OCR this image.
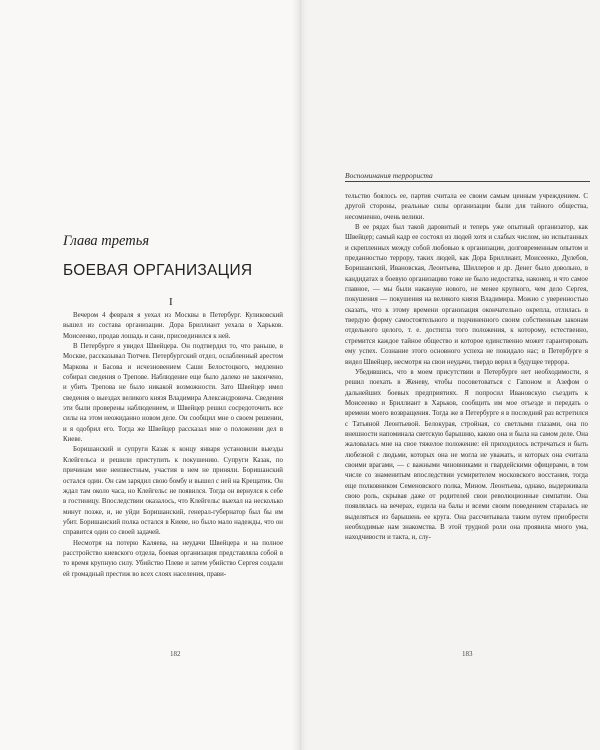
Воспоминания террориста
Глава третья
БОЕВАЯ ОРГАНИЗАЦИЯ
I

Вечером 4 февраля я уехал из Москвы в Петербург. Куликовский вышел из состава организации. Дора Бриллиант уехала в Харьков. Моисеенко, продав лошадь и сани, присоединился к ней.

В Петербурге я увидел Швейцера. Он подтвердил то, что раньше, в Москве, рассказывал Тютчев. Петербургский отдел, ослабленный арестом Маркова и Басова и исчезновением Саши Белостоцкого, медленно собирал сведения о Трепове. Наблюдение еще было далеко не закончено, и убить Трепова не было никакой возможности. Зато Швейцер имел сведения о выездах великого князя Владимира Александровича. Сведения эти были проверены наблюдением, и Швейцер решил сосредоточить все силы на этом неожиданно новом деле. Он сообщил мне о своем решении, и я одобрил его. Тогда же Швейцер рассказал мне о положении дел в Киеве.

Боришанский и супруги Казак к концу января установили выезды Клейгельса и решили приступить к покушению. Супруги Казак, по причинам мне неизвестным, участия в нем не приняли. Боришанский остался один. Он сам зарядил свою бомбу и вышел с ней на Крещатик. Он ждал там около часа, но Клейгельс не появился. Тогда он вернулся к себе в гостиницу. Впоследствии оказалось, что Клейгельс выехал на несколько минут позже, и, не уйди Боришанский, генерал-губернатор был бы им убит. Боришанский полка остался в Киеве, но было мало надежды, что он справится один со своей задачей.

Несмотря на потерю Каляева, на неудачи Швейцера и на полное расстройство киевского отдела, боевая организация представляла собой в то время крупную силу. Убийство Плеве и затем убийство Сергея создали ей громадный престиж во всех слоях населения, прави-

тельство боялось ее, партия считала ее своим самым ценным учреждением. С другой стороны, реальные силы организации были для тайного общества, несомненно, очень велики.

В ее рядах был такой даровитый и теперь уже опытный организатор, как Швейцер; самый кадр ее состоял из людей хотя и слабых числом, но испытанных и скрепленных между собой любовью к организации, долговременным опытом и преданностью террору, таких людей, как Дора Бриллиант, Моисеенко, Дулебов, Боришанский, Ивановская, Леонтьева, Шиллеров и др. Денег было довольно, в кандидатах в боевую организацию тоже не было недостатка, наконец, и что самое главное, — мы были накануне нового, не менее крупного, чем дело Сергея, покушения — покушения на великого князя Владимира. Можно с уверенностью сказать, что к этому времени организация окончательно окрепла, отлилась в твердую форму самостоятельного и подчиненного своим собственным законам отдельного целого, т. е. достигла того положения, к которому, естественно, стремится каждое тайное общество и которое единственно может гарантировать ему успех. Сознание этого основного успеха не покидало нас; в Петербурге я видел Швейцер, несмотря на свои неудачи, твердо верил в будущее террора.

Убедившись, что в моем присутствии в Петербурге нет необходимости, я решил поехать в Женеву, чтобы посоветоваться с Гапоном и Азефом о дальнейших боевых предприятиях. Я попросил Ивановскую съездить к Моисеенко и Бриллиант в Харьков, сообщить им мое отъезде и передать о времени моего возвращения. Тогда же в Петербурге я в последний раз встретился с Татьяной Леонтьевой. Белокурая, стройная, со светлыми глазами, она по внешности напоминала светскую барышню, какою она и была на самом деле. Она жаловалась мне на свое тяжелое положение: ей приходилось встречаться и быть любезной с людьми, которых она не могла не уважать, и которых она считала своими врагами, — с важными чиновниками и гвардейскими офицерами, в том числе со знаменитым впоследствии усмирителем московского восстания, тогда еще полковником Семеновского полка, Мином. Леонтьева, однако, выдерживала свою роль, скрывая даже от родителей свои революционные симпатии. Она появлялась на вечерах, ездила на балы и всеми своим поведением старалась не выделяться из барышень ее круга. Она рассчитывала таким путем приобрести необходимые нам знакомства. В этой трудной роли она проявила много ума, находчивости и такта, и, слу-

182	183
